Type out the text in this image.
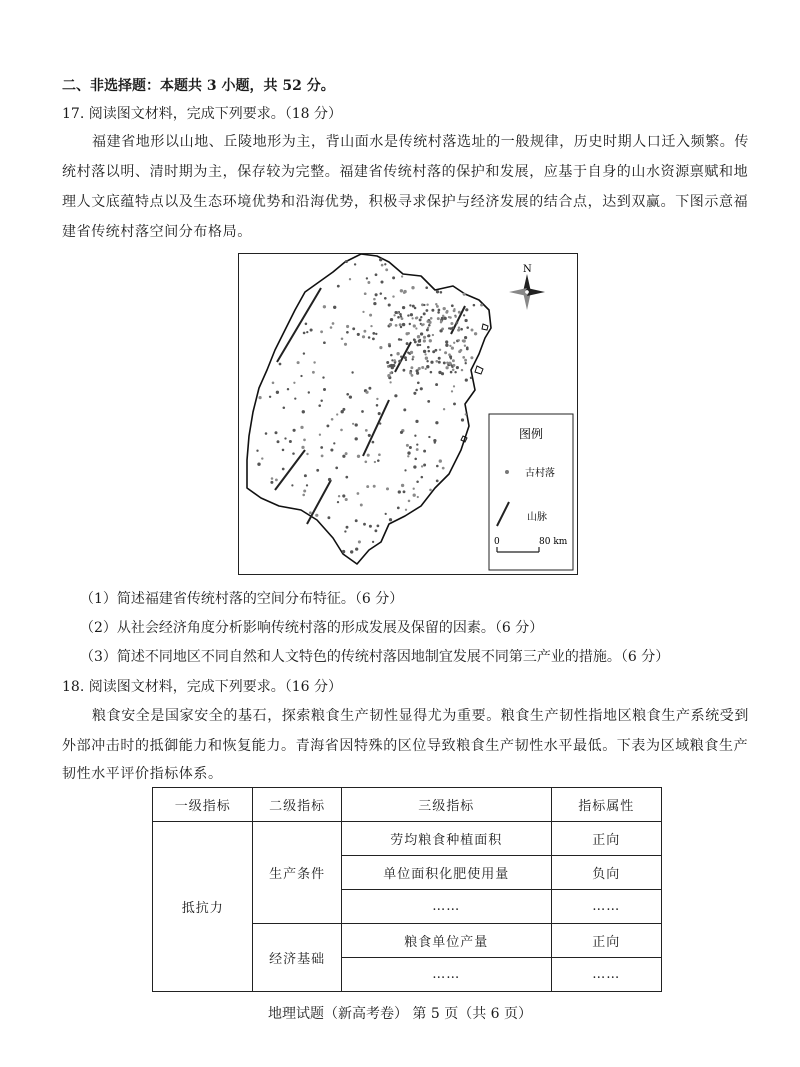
二、非选择题：本题共 3 小题，共 52 分。
17. 阅读图文材料，完成下列要求。（18 分）
福建省地形以山地、丘陵地形为主，背山面水是传统村落选址的一般规律，历史时期人口迁入频繁。传
统村落以明、清时期为主，保存较为完整。福建省传统村落的保护和发展，应基于自身的山水资源禀赋和地
理人文底蕴特点以及生态环境优势和沿海优势，积极寻求保护与经济发展的结合点，达到双赢。下图示意福
建省传统村落空间分布格局。
N
图例
古村落
山脉
0	80 km
（1）简述福建省传统村落的空间分布特征。（6 分）
（2）从社会经济角度分析影响传统村落的形成发展及保留的因素。（6 分）
（3）简述不同地区不同自然和人文特色的传统村落因地制宜发展不同第三产业的措施。（6 分）
18. 阅读图文材料，完成下列要求。（16 分）
粮食安全是国家安全的基石，探索粮食生产韧性显得尤为重要。粮食生产韧性指地区粮食生产系统受到
外部冲击时的抵御能力和恢复能力。青海省因特殊的区位导致粮食生产韧性水平最低。下表为区域粮食生产
韧性水平评价指标体系。
一级指标	二级指标	三级指标	指标属性
抵抗力	生产条件	劳均粮食种植面积	正向
		单位面积化肥使用量	负向
		……	……
	经济基础	粮食单位产量	正向
		……	……
地理试题（新高考卷） 第 5 页（共 6 页）
